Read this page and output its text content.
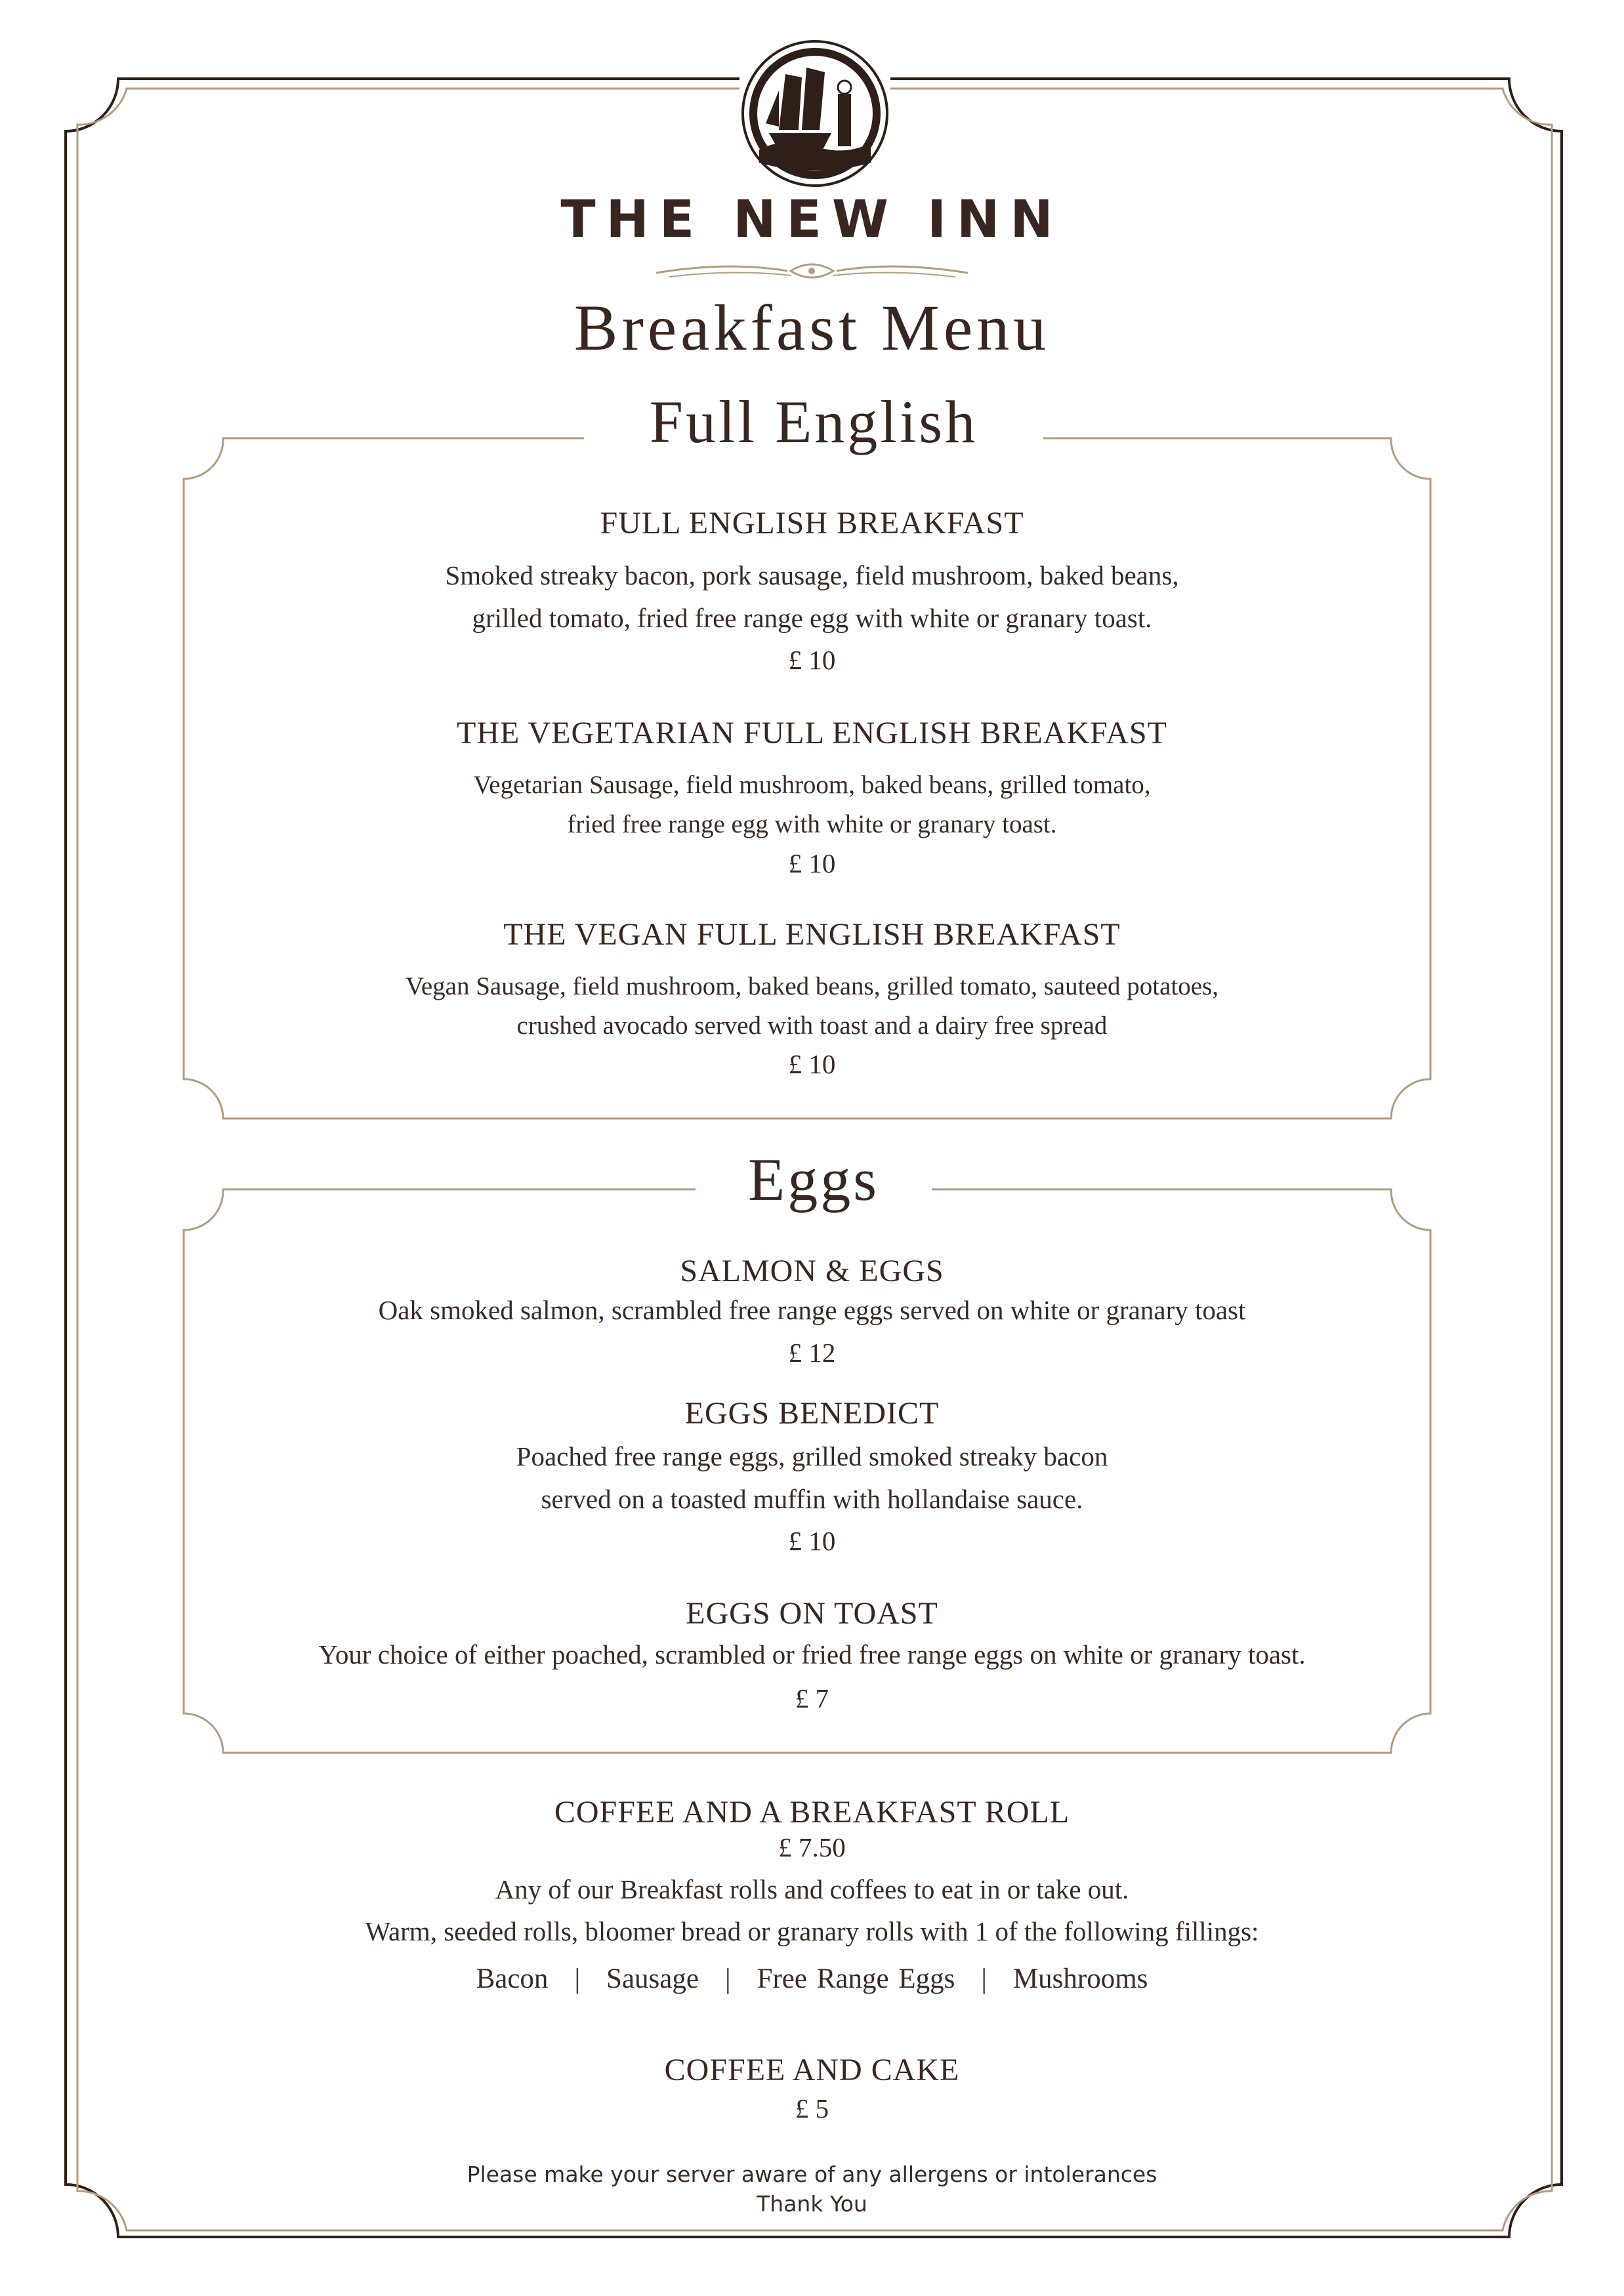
THE NEW INN
Breakfast Menu
Full English
FULL ENGLISH BREAKFAST
Smoked streaky bacon, pork sausage, field mushroom, baked beans,
grilled tomato, fried free range egg with white or granary toast.
£ 10
THE VEGETARIAN FULL ENGLISH BREAKFAST
Vegetarian Sausage, field mushroom, baked beans, grilled tomato,
fried free range egg with white or granary toast.
£ 10
THE VEGAN FULL ENGLISH BREAKFAST
Vegan Sausage, field mushroom, baked beans, grilled tomato, sauteed potatoes,
crushed avocado served with toast and a dairy free spread
£ 10
Eggs
SALMON & EGGS
Oak smoked salmon, scrambled free range eggs served on white or granary toast
£ 12
EGGS BENEDICT
Poached free range eggs, grilled smoked streaky bacon
served on a toasted muffin with hollandaise sauce.
£ 10
EGGS ON TOAST
Your choice of either poached, scrambled or fried free range eggs on white or granary toast.
£ 7
COFFEE AND A BREAKFAST ROLL
£ 7.50
Any of our Breakfast rolls and coffees to eat in or take out.
Warm, seeded rolls, bloomer bread or granary rolls with 1 of the following fillings:
Bacon | Sausage | Free Range Eggs | Mushrooms
COFFEE AND CAKE
£ 5
Please make your server aware of any allergens or intolerances
Thank You
